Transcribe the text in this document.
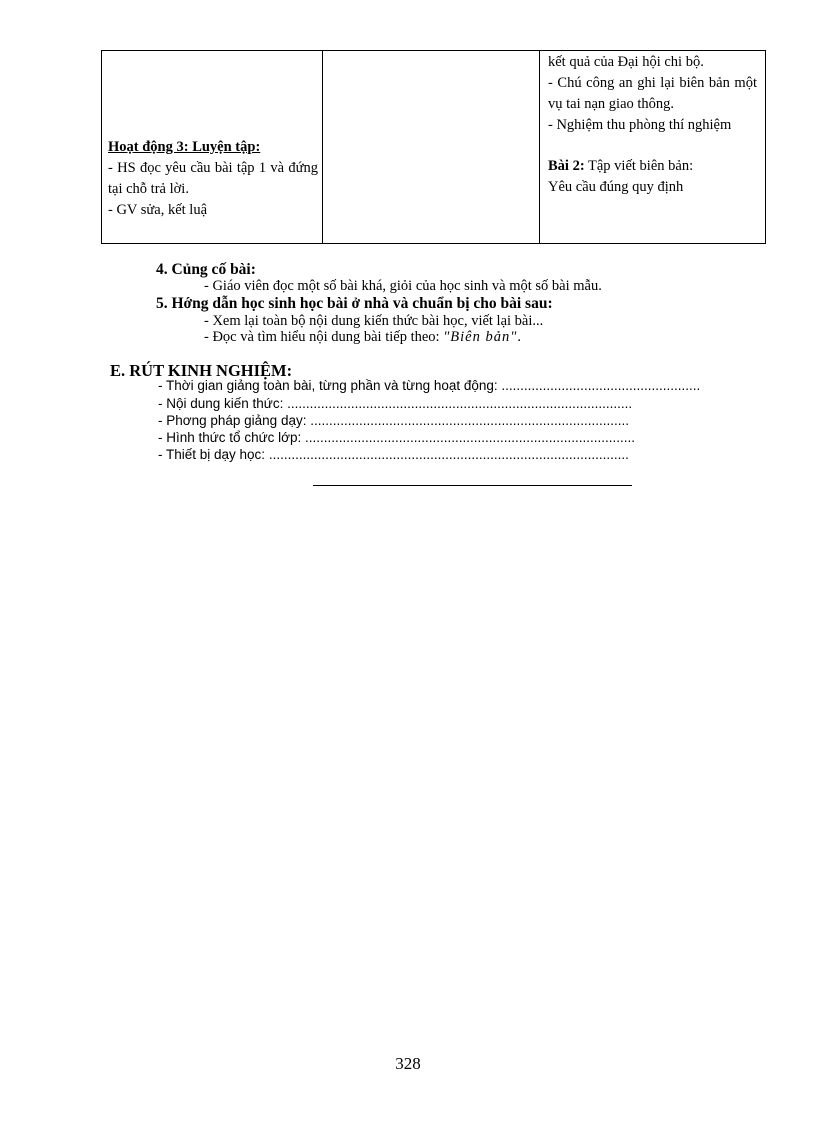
Hoạt động 3: Luyện tập:
- HS đọc yêu cầu bài tập 1 và đứng tại chỗ trả lời.
- GV sửa, kết luậ

kết quả của Đại hội chi bộ.
- Chú công an ghi lại biên bản một vụ tai nạn giao thông.
- Nghiệm thu phòng thí nghiệm
Bài 2: Tập viết biên bản:
Yêu cầu đúng quy định
4. Củng cố bài:
- Giáo viên đọc một số bài khá, giỏi của học sinh và một số bài mẫu.
5. Hớng dẫn học sinh học bài ở nhà và chuẩn bị cho bài sau:
- Xem lại toàn bộ nội dung kiến thức bài học, viết lại bài...
- Đọc và tìm hiểu nội dung bài tiếp theo: "Biên bản".
E. RÚT KINH NGHIỆM:
- Thời gian giảng toàn bài, từng phần và từng hoạt động: .....................................................
- Nội dung kiến thức: ............................................................................................
- Phơng pháp giảng dạy: .....................................................................................
- Hình thức tổ chức lớp: ........................................................................................
- Thiết bị dạy học: ................................................................................................
328
